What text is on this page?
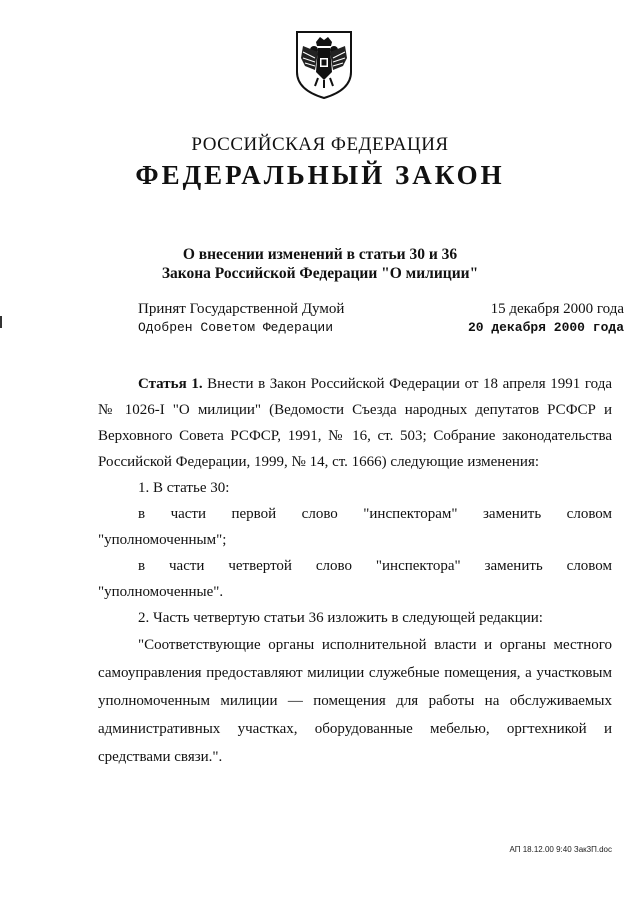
РОССИЙСКАЯ ФЕДЕРАЦИЯ
ФЕДЕРАЛЬНЫЙ ЗАКОН
О внесении изменений в статьи 30 и 36
Закона Российской Федерации "О милиции"
Принят Государственной Думой	15 декабря 2000 года
Одобрен Советом Федерации	20 декабря 2000 года

Статья 1. Внести в Закон Российской Федерации от 18 апреля 1991 года № 1026-I "О милиции" (Ведомости Съезда народных депутатов РСФСР и Верховного Совета РСФСР, 1991, № 16, ст. 503; Собрание законодательства Российской Федерации, 1999, № 14, ст. 1666) следующие изменения:

1. В статье 30:

в части первой слово "инспекторам" заменить словом "уполномоченным";

в части четвертой слово "инспектора" заменить словом "уполномоченные".

2. Часть четвертую статьи 36 изложить в следующей редакции:

"Соответствующие органы исполнительной власти и органы местного самоуправления предоставляют милиции служебные помещения, а участковым уполномоченным милиции — помещения для работы на обслуживаемых административных участках, оборудованные мебелью, оргтехникой и средствами связи.".

АП 18.12.00 9:40 Зак3П.doc
